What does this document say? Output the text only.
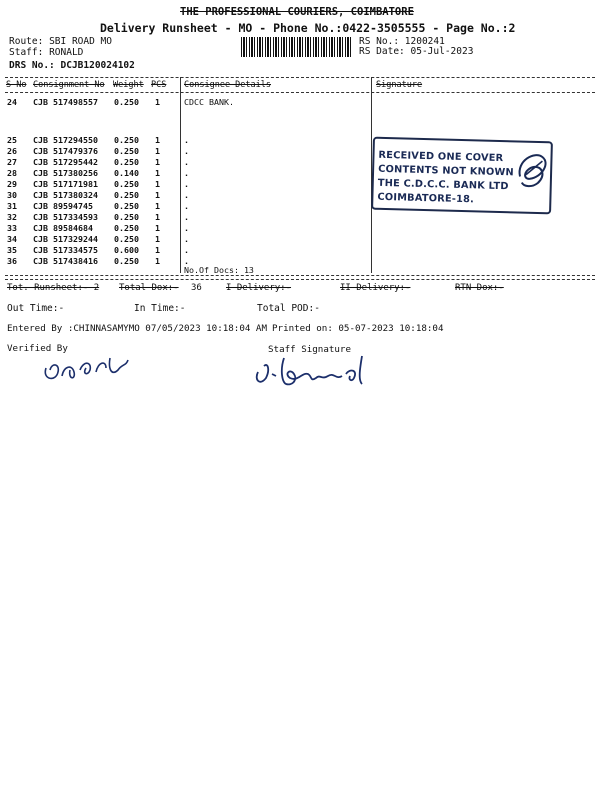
THE PROFESSIONAL COURIERS, COIMBATORE
Delivery Runsheet - MO - Phone No.:0422-3505555 - Page No.:2
Route: SBI ROAD MO
Staff: RONALD
DRS No.: DCJB120024102
RS No.: 1200241
RS Date: 05-Jul-2023
S No Consignment No Weight PCS Consignee Details	Signature
24 CJB 517498557 0.250 1	CDCC BANK.
25 CJB 517294550 0.250 1	.
26 CJB 517479376 0.250 1	.
27 CJB 517295442 0.250 1	.
28 CJB 517380256 0.140 1	.
29 CJB 517171981 0.250 1	.
30 CJB 517380324 0.250 1	.
31 CJB 89594745	0.250 1	.
32 CJB 517334593 0.250 1	.
33 CJB 89584684	0.250 1	.
34 CJB 517329244 0.250 1	.
35 CJB 517334575 0.600 1	.
36 CJB 517438416 0.250 1	.
No.Of Docs: 13
RECEIVED ONE COVER
CONTENTS NOT KNOWN
THE C.D.C.C. BANK LTD
COIMBATORE-18.
Tot. Runsheet:- 2 Total Dox:- 36	I Delivery:-	II Delivery:-	RTN Dox:-
Out Time:-	In Time:-	Total POD:-
Entered By :CHINNASAMYMO 07/05/2023 10:18:04 AM Printed on: 05-07-2023 10:18:04
Verified By	Staff Signature
